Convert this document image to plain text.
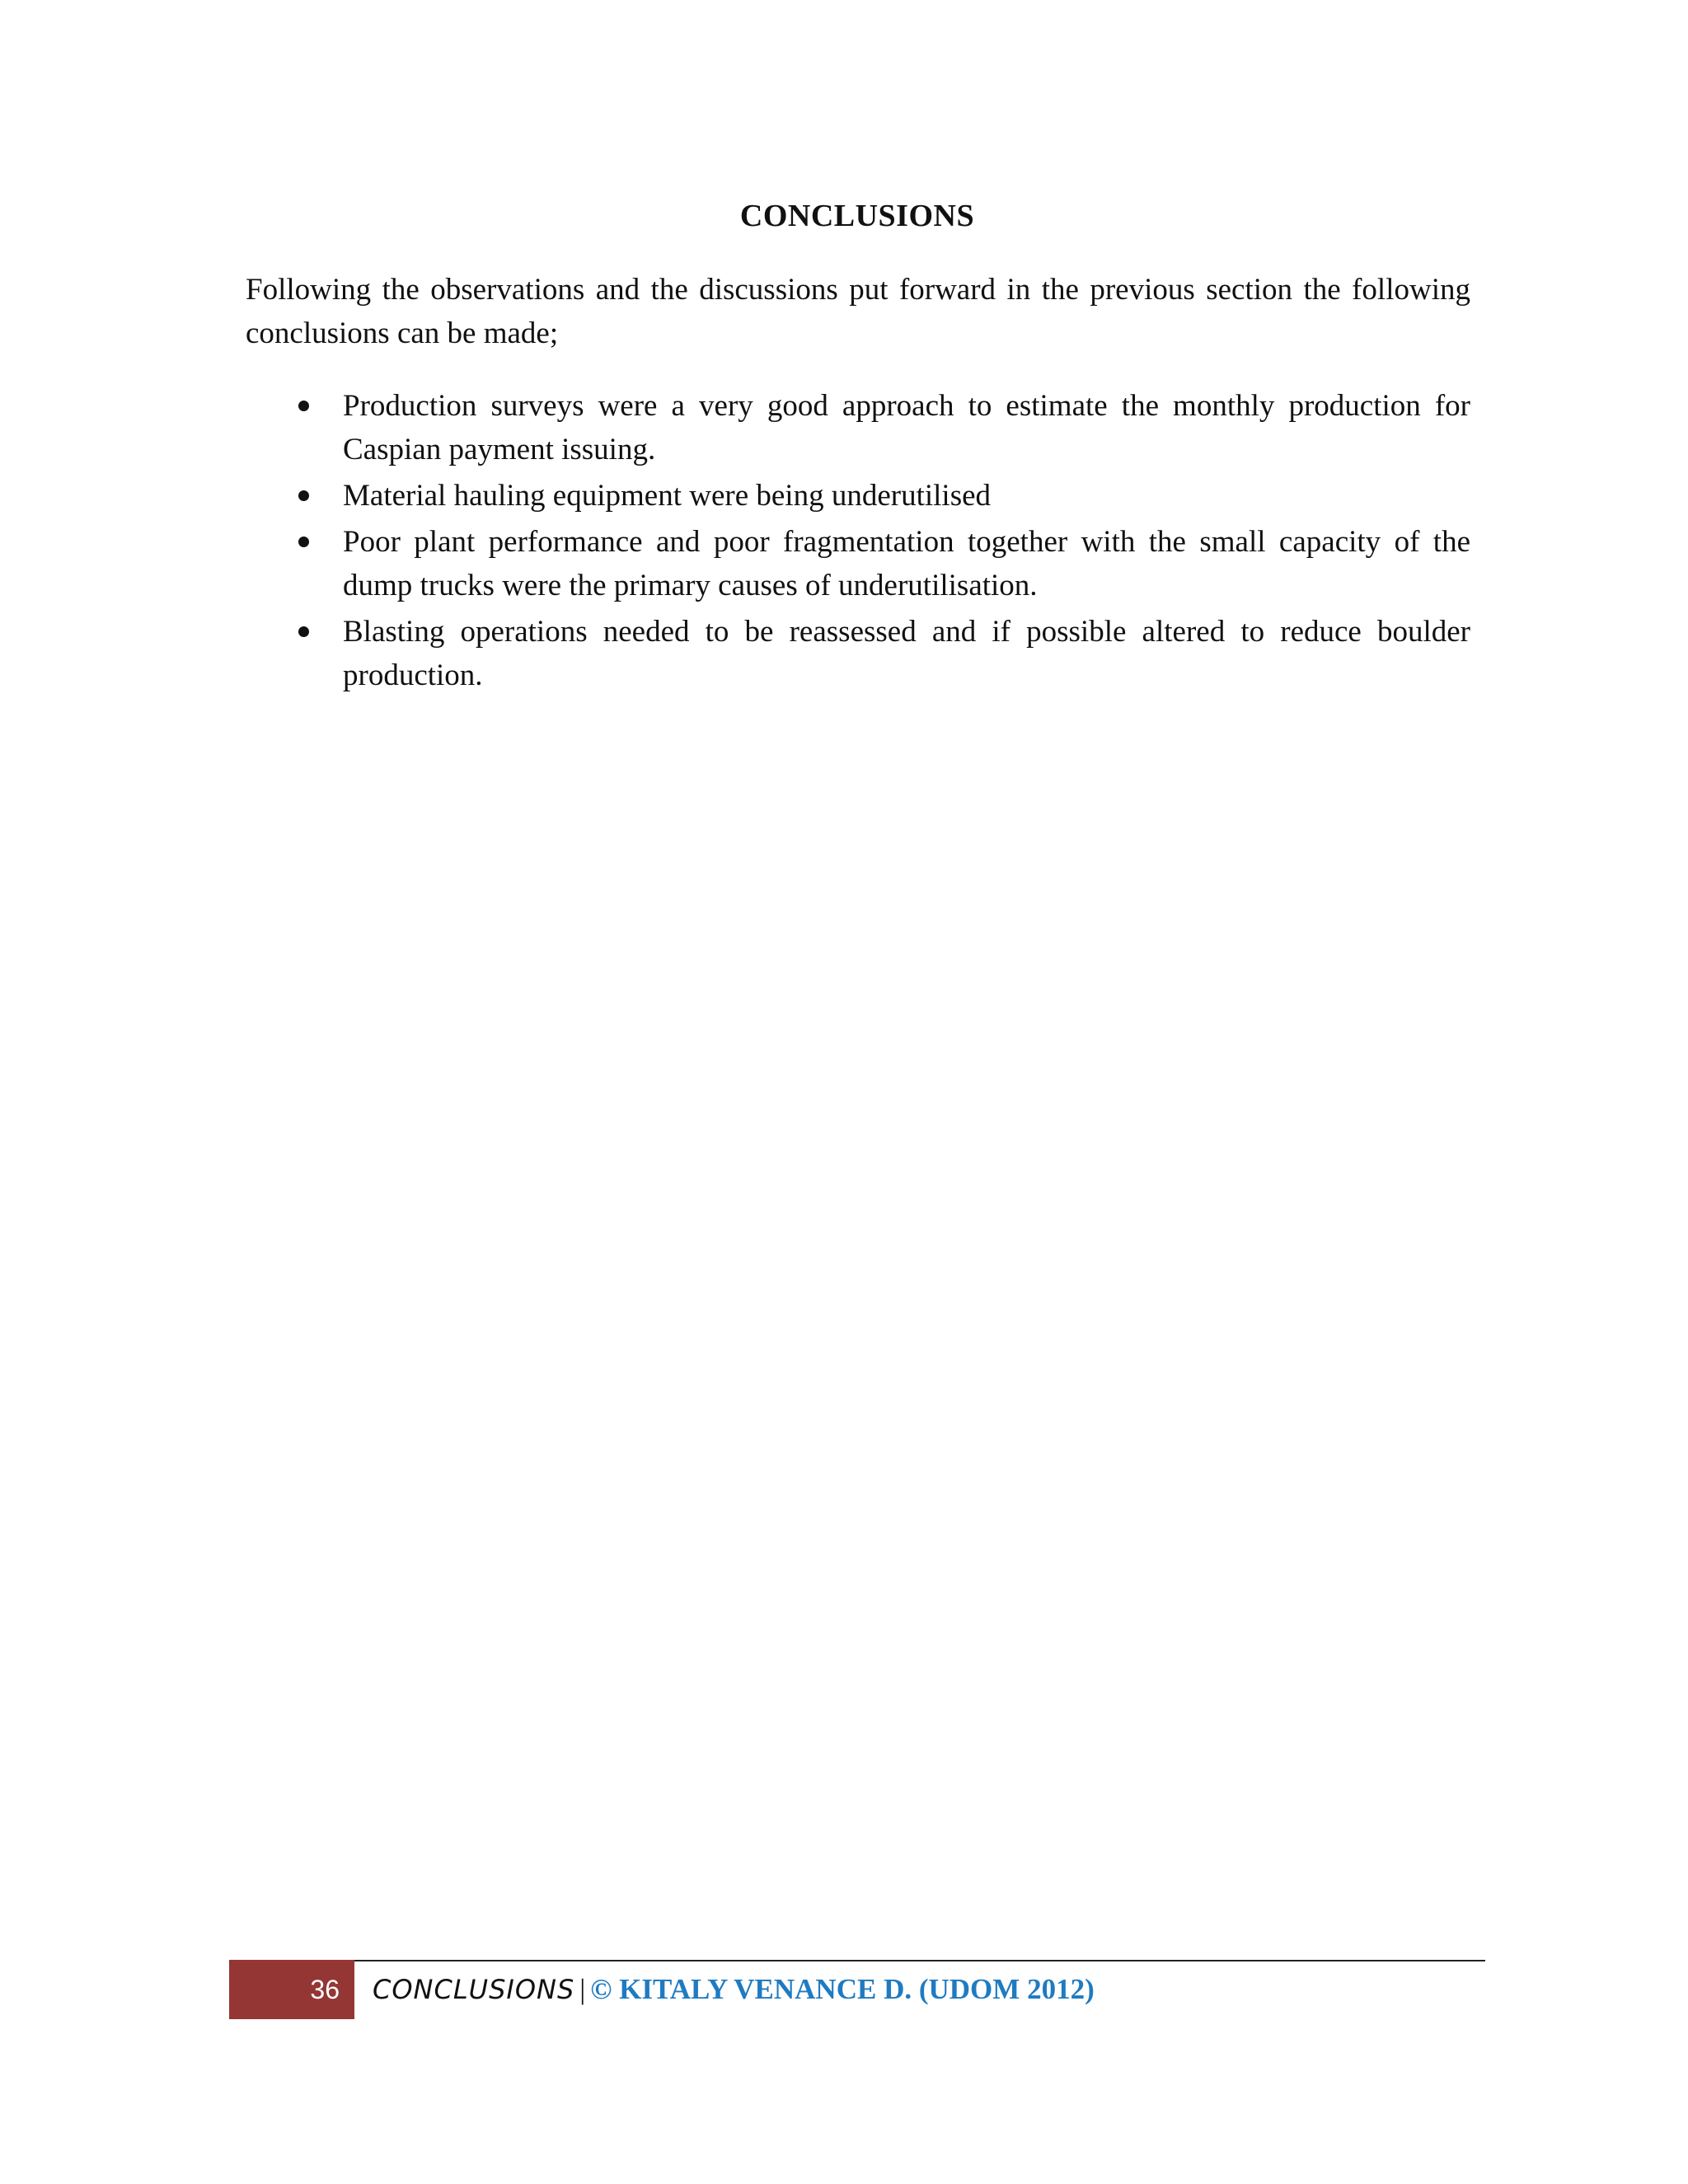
CONCLUSIONS

Following the observations and the discussions put forward in the previous section the following conclusions can be made;

Production surveys were a very good approach to estimate the monthly production for Caspian payment issuing.
Material hauling equipment were being underutilised
Poor plant performance and poor fragmentation together with the small capacity of the dump trucks were the primary causes of underutilisation.
Blasting operations needed to be reassessed and if possible altered to reduce boulder production.
36 CONCLUSIONS | © KITALY VENANCE D. (UDOM 2012)
